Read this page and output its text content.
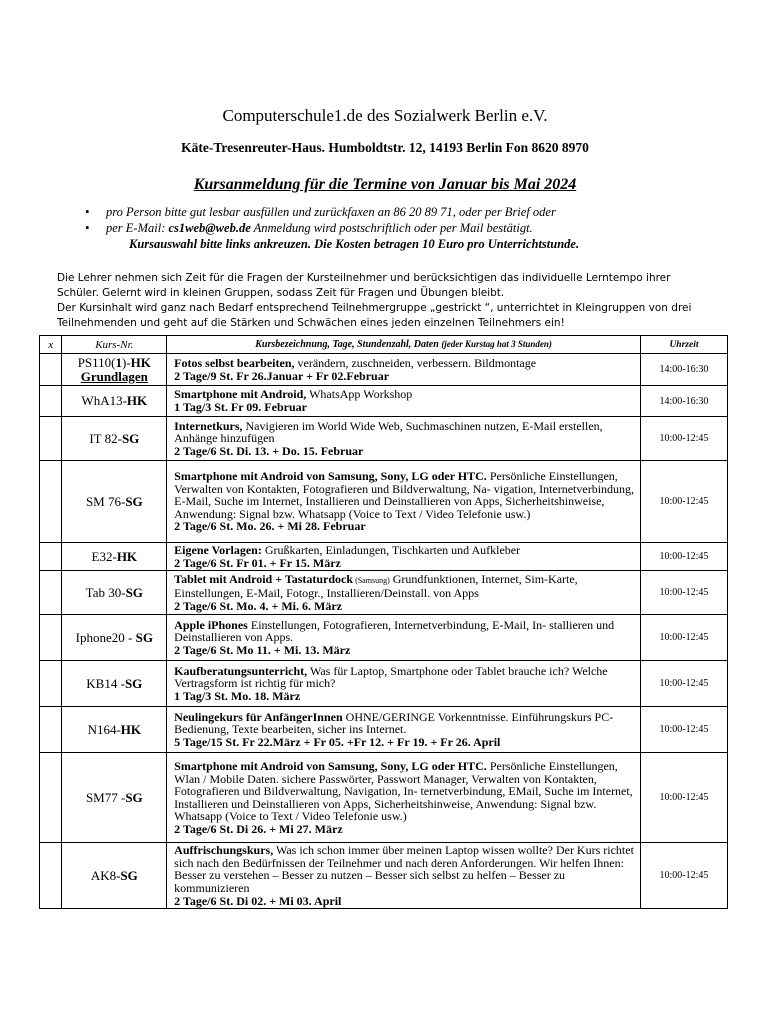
Computerschule1.de des Sozialwerk Berlin e.V.
Käte-Tresenreuter-Haus. Humboldtstr. 12, 14193 Berlin Fon 8620 8970
Kursanmeldung für die Termine von Januar bis Mai 2024
• pro Person bitte gut lesbar ausfüllen und zurückfaxen an 86 20 89 71, oder per Brief oder
• per E-Mail: cs1web@web.de Anmeldung wird postschriftlich oder per Mail bestätigt.
Kursauswahl bitte links ankreuzen. Die Kosten betragen 10 Euro pro Unterrichtstunde.
Die Lehrer nehmen sich Zeit für die Fragen der Kursteilnehmer und berücksichtigen das individuelle Lerntempo ihrer
Schüler. Gelernt wird in kleinen Gruppen, sodass Zeit für Fragen und Übungen bleibt.
Der Kursinhalt wird ganz nach Bedarf entsprechend Teilnehmergruppe „gestrickt “, unterrichtet in Kleingruppen von drei
Teilnehmenden und geht auf die Stärken und Schwächen eines jeden einzelnen Teilnehmers ein!
x	Kurs-Nr.	Kursbezeichnung, Tage, Stundenzahl, Daten (jeder Kurstag hat 3 Stunden)	Uhrzeit
	PS110(1)-HK
Grundlagen	Fotos selbst bearbeiten, verändern, zuschneiden, verbessern. Bildmontage
2 Tage/9 St. Fr 26.Januar + Fr 02.Februar	14:00-16:30
	WhA13-HK	Smartphone mit Android, WhatsApp Workshop
1 Tag/3 St. Fr 09. Februar	14:00-16:30
	IT 82-SG	Internetkurs, Navigieren im World Wide Web, Suchmaschinen nutzen, E-Mail erstellen, Anhänge hinzufügen
2 Tage/6 St. Di. 13. + Do. 15. Februar	10:00-12:45
	SM 76-SG	Smartphone mit Android von Samsung, Sony, LG oder HTC. Persönliche Einstellungen, Verwalten von Kontakten, Fotografieren und Bildverwaltung, Na- vigation, Internetverbindung, E-Mail, Suche im Internet, Installieren und Deinstallieren von Apps, Sicherheitshinweise, Anwendung: Signal bzw. Whatsapp (Voice to Text / Video Telefonie usw.)
2 Tage/6 St. Mo. 26. + Mi 28. Februar	10:00-12:45
	E32-HK	Eigene Vorlagen: Grußkarten, Einladungen, Tischkarten und Aufkleber
2 Tage/6 St. Fr 01. + Fr 15. März	10:00-12:45
	Tab 30-SG	Tablet mit Android + Tastaturdock (Samsung) Grundfunktionen, Internet, Sim-Karte, Einstellungen, E-Mail, Fotogr., Installieren/Deinstall. von Apps
2 Tage/6 St. Mo. 4. + Mi. 6. März	10:00-12:45
	Iphone20 - SG	Apple iPhones Einstellungen, Fotografieren, Internetverbindung, E-Mail, In- stallieren und Deinstallieren von Apps.
2 Tage/6 St. Mo 11. + Mi. 13. März	10:00-12:45
	KB14 -SG	Kaufberatungsunterricht, Was für Laptop, Smartphone oder Tablet brauche ich? Welche Vertragsform ist richtig für mich?
1 Tag/3 St. Mo. 18. März	10:00-12:45
	N164-HK	Neulingekurs für AnfängerInnen OHNE/GERINGE Vorkenntnisse. Einführungskurs PC-Bedienung, Texte bearbeiten, sicher ins Internet.
5 Tage/15 St. Fr 22.März + Fr 05. +Fr 12. + Fr 19. + Fr 26. April	10:00-12:45
	SM77 -SG	Smartphone mit Android von Samsung, Sony, LG oder HTC. Persönliche Einstellungen, Wlan / Mobile Daten. sichere Passwörter, Passwort Manager, Verwalten von Kontakten, Fotografieren und Bildverwaltung, Navigation, In- ternetverbindung, EMail, Suche im Internet, Installieren und Deinstallieren von Apps, Sicherheitshinweise, Anwendung: Signal bzw. Whatsapp (Voice to Text / Video Telefonie usw.)
2 Tage/6 St. Di 26. + Mi 27. März	10:00-12:45
	AK8-SG	Auffrischungskurs, Was ich schon immer über meinen Laptop wissen wollte? Der Kurs richtet sich nach den Bedürfnissen der Teilnehmer und nach deren Anforderungen. Wir helfen Ihnen: Besser zu verstehen – Besser zu nutzen – Besser sich selbst zu helfen – Besser zu kommunizieren
2 Tage/6 St. Di 02. + Mi 03. April	10:00-12:45
